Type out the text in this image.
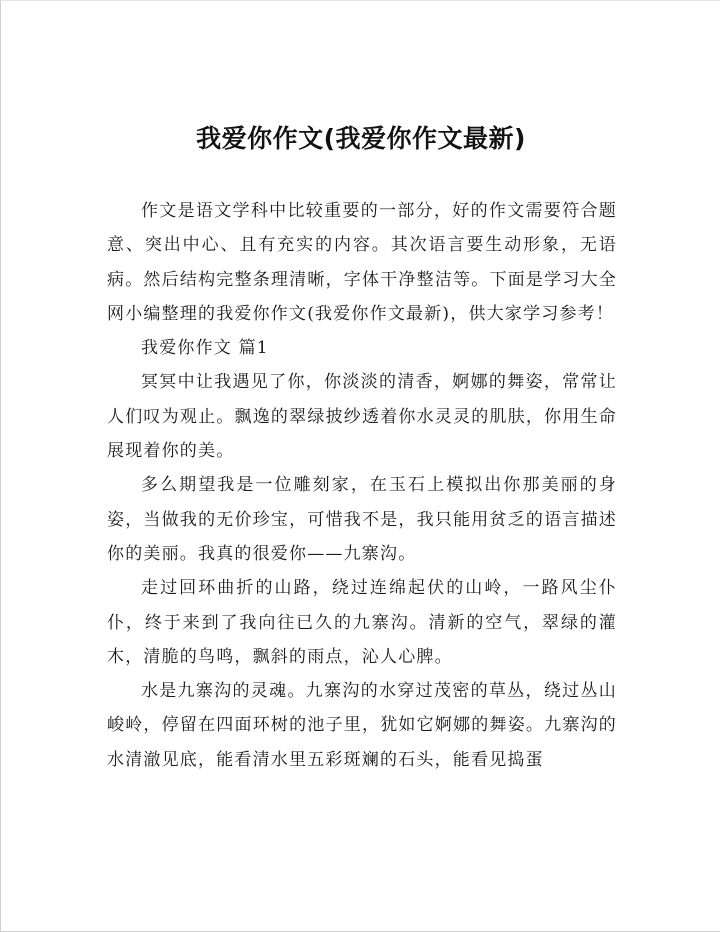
我爱你作文(我爱你作文最新)

作文是语文学科中比较重要的一部分，好的作文需要符合题意、突出中心、且有充实的内容。其次语言要生动形象，无语病。然后结构完整条理清晰，字体干净整洁等。下面是学习大全网小编整理的我爱你作文(我爱你作文最新)，供大家学习参考！

我爱你作文 篇1

冥冥中让我遇见了你，你淡淡的清香，婀娜的舞姿，常常让人们叹为观止。飘逸的翠绿披纱透着你水灵灵的肌肤，你用生命展现着你的美。

多么期望我是一位雕刻家，在玉石上模拟出你那美丽的身姿，当做我的无价珍宝，可惜我不是，我只能用贫乏的语言描述你的美丽。我真的很爱你——九寨沟。

走过回环曲折的山路，绕过连绵起伏的山岭，一路风尘仆仆，终于来到了我向往已久的九寨沟。清新的空气，翠绿的灌木，清脆的鸟鸣，飘斜的雨点，沁人心脾。

水是九寨沟的灵魂。九寨沟的水穿过茂密的草丛，绕过丛山峻岭，停留在四面环树的池子里，犹如它婀娜的舞姿。九寨沟的水清澈见底，能看清水里五彩斑斓的石头，能看见捣蛋
